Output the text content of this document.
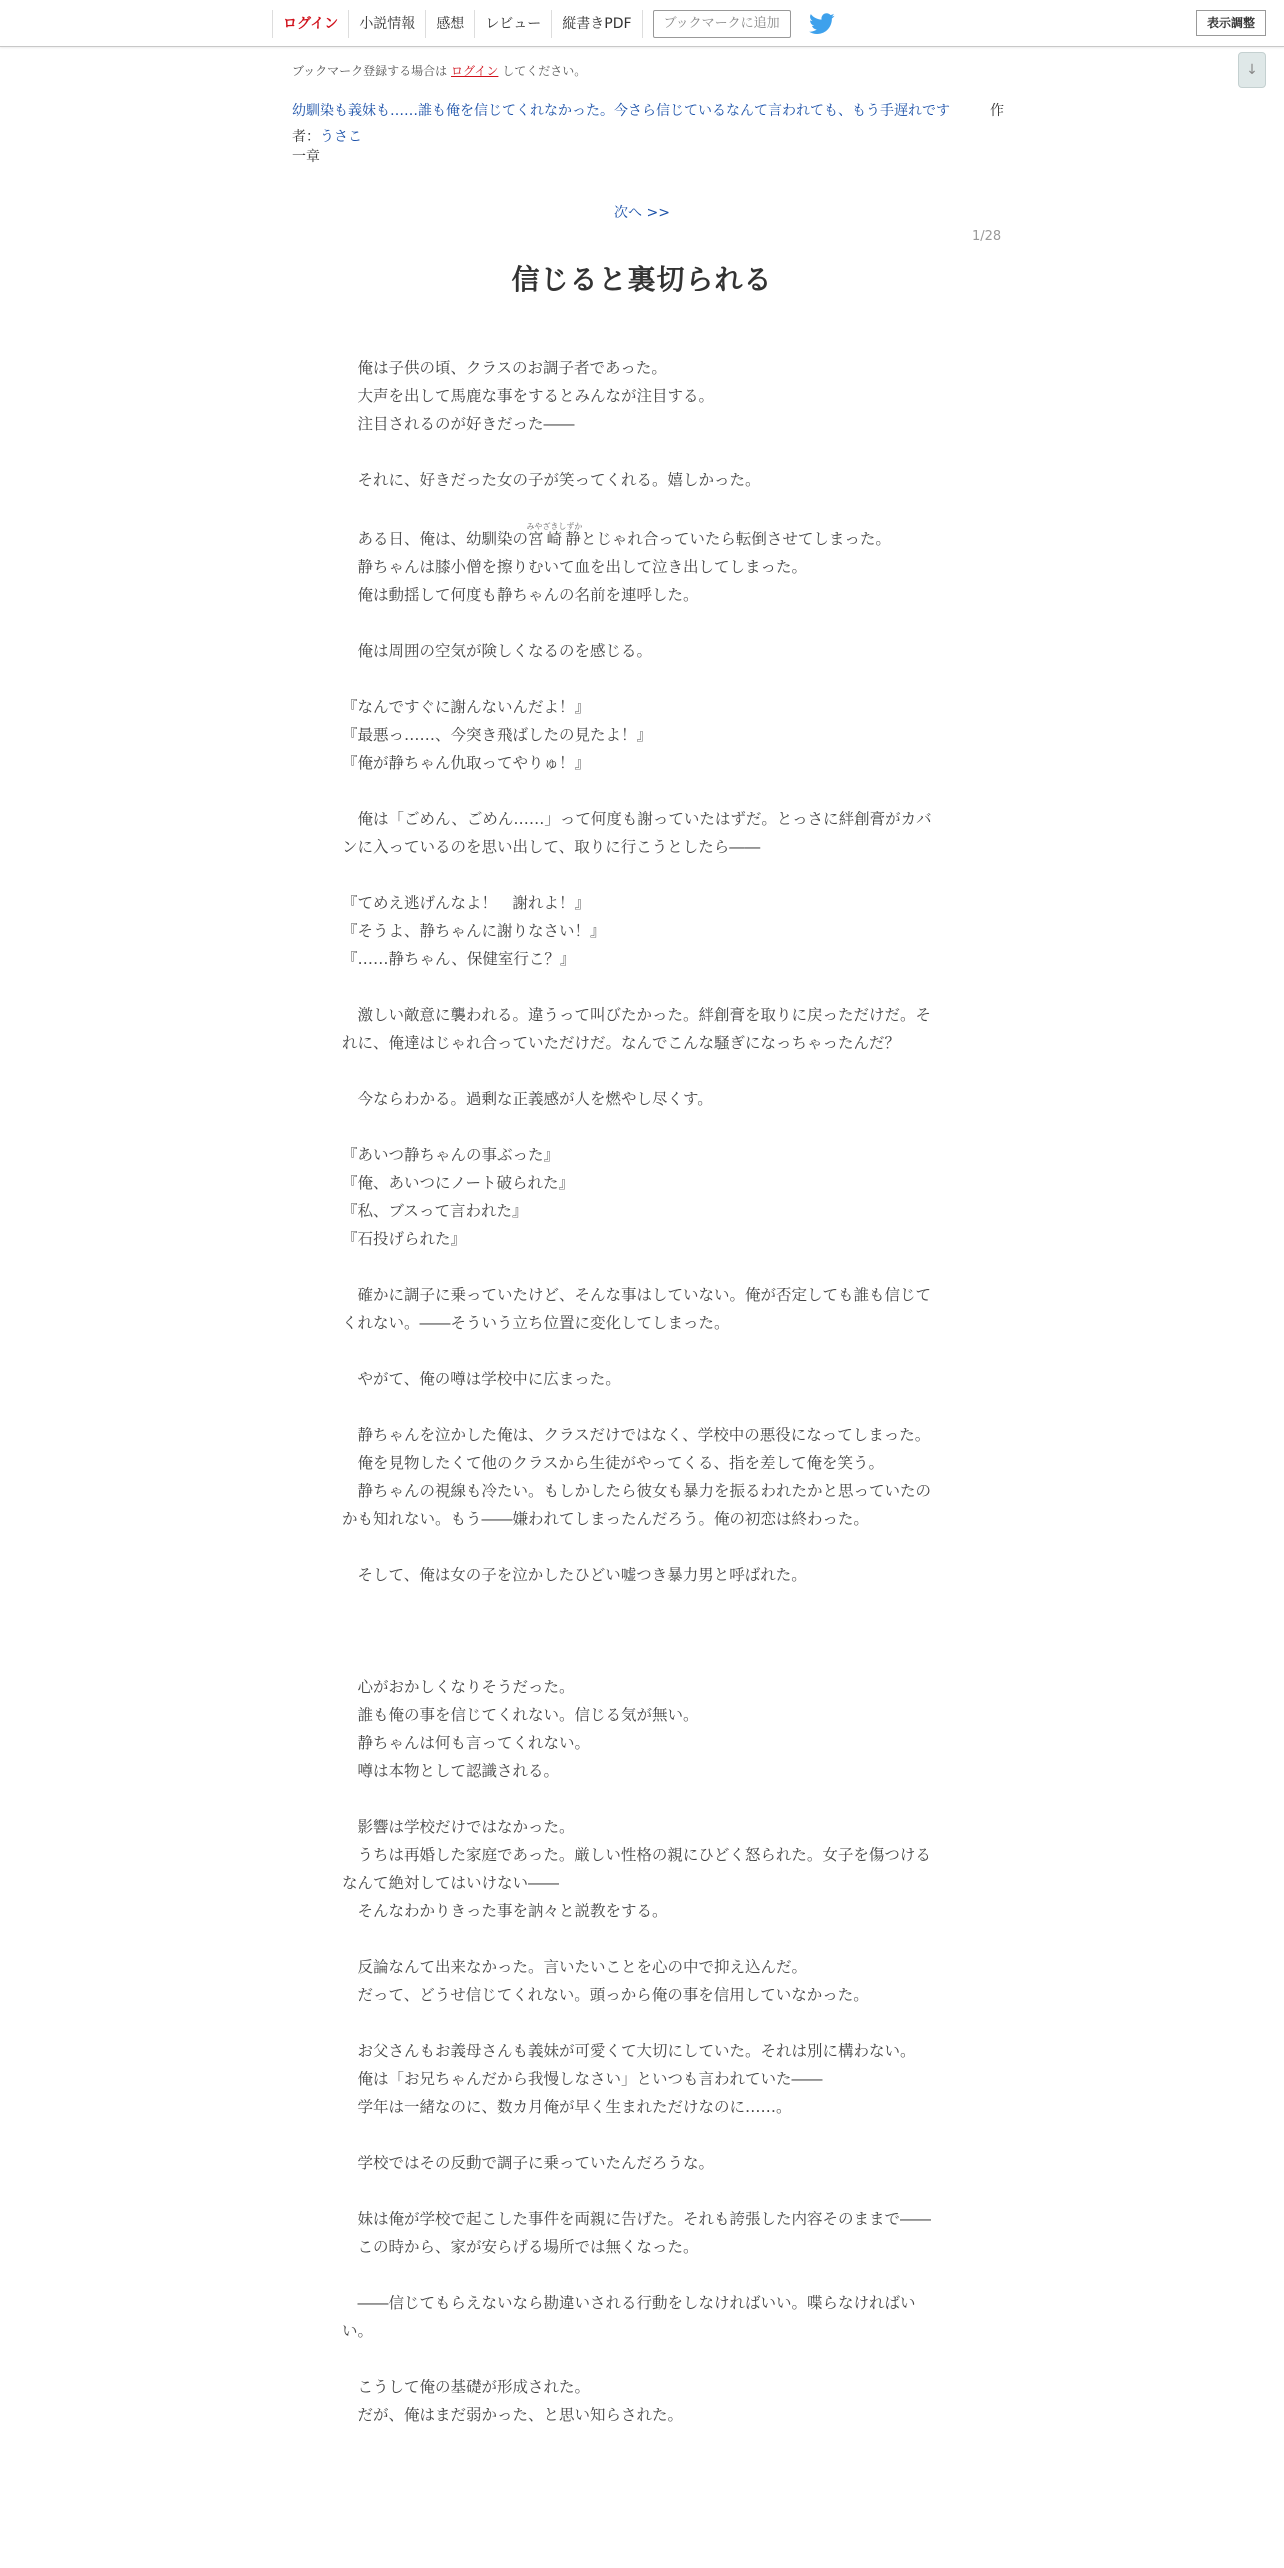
ログイン	小説情報	感想	レビュー	縦書きPDF	ブックマークに追加	表示調整
↓
ブックマーク登録する場合は ログイン してください。
幼馴染も義妹も……誰も俺を信じてくれなかった。今さら信じているなんて言われても、もう手遅れです	作

者：うさこ
一章
次へ >>
1/28
信じると裏切られる

　俺は子供の頃、クラスのお調子者であった。

　大声を出して馬鹿な事をするとみんなが注目する。

　注目されるのが好きだった――

　それに、好きだった女の子が笑ってくれる。嬉しかった。

　ある日、俺は、幼馴染の宮崎静みやざきしずかとじゃれ合っていたら転倒させてしまった。

　静ちゃんは膝小僧を擦りむいて血を出して泣き出してしまった。

　俺は動揺して何度も静ちゃんの名前を連呼した。

　俺は周囲の空気が険しくなるのを感じる。

『なんですぐに謝んないんだよ！』

『最悪っ……、今突き飛ばしたの見たよ！』

『俺が静ちゃん仇取ってやりゅ！』

　俺は「ごめん、ごめん……」って何度も謝っていたはずだ。とっさに絆創膏がカバンに入っているのを思い出して、取りに行こうとしたら――

『てめえ逃げんなよ！　謝れよ！』

『そうよ、静ちゃんに謝りなさい！』

『……静ちゃん、保健室行こ？』

　激しい敵意に襲われる。違うって叫びたかった。絆創膏を取りに戻っただけだ。それに、俺達はじゃれ合っていただけだ。なんでこんな騒ぎになっちゃったんだ？

　今ならわかる。過剰な正義感が人を燃やし尽くす。

『あいつ静ちゃんの事ぶった』

『俺、あいつにノート破られた』

『私、ブスって言われた』

『石投げられた』

　確かに調子に乗っていたけど、そんな事はしていない。俺が否定しても誰も信じてくれない。――そういう立ち位置に変化してしまった。

　やがて、俺の噂は学校中に広まった。

　静ちゃんを泣かした俺は、クラスだけではなく、学校中の悪役になってしまった。

　俺を見物したくて他のクラスから生徒がやってくる、指を差して俺を笑う。

　静ちゃんの視線も冷たい。もしかしたら彼女も暴力を振るわれたかと思っていたのかも知れない。もう――嫌われてしまったんだろう。俺の初恋は終わった。

　そして、俺は女の子を泣かしたひどい嘘つき暴力男と呼ばれた。

　心がおかしくなりそうだった。

　誰も俺の事を信じてくれない。信じる気が無い。

　静ちゃんは何も言ってくれない。

　噂は本物として認識される。

　影響は学校だけではなかった。

　うちは再婚した家庭であった。厳しい性格の親にひどく怒られた。女子を傷つけるなんて絶対してはいけない――

　そんなわかりきった事を訥々と説教をする。

　反論なんて出来なかった。言いたいことを心の中で抑え込んだ。

　だって、どうせ信じてくれない。頭っから俺の事を信用していなかった。

　お父さんもお義母さんも義妹が可愛くて大切にしていた。それは別に構わない。

　俺は「お兄ちゃんだから我慢しなさい」といつも言われていた――

　学年は一緒なのに、数カ月俺が早く生まれただけなのに……。

　学校ではその反動で調子に乗っていたんだろうな。

　妹は俺が学校で起こした事件を両親に告げた。それも誇張した内容そのままで――

　この時から、家が安らげる場所では無くなった。

　――信じてもらえないなら勘違いされる行動をしなければいい。喋らなければいい。

　こうして俺の基礎が形成された。

　だが、俺はまだ弱かった、と思い知らされた。
